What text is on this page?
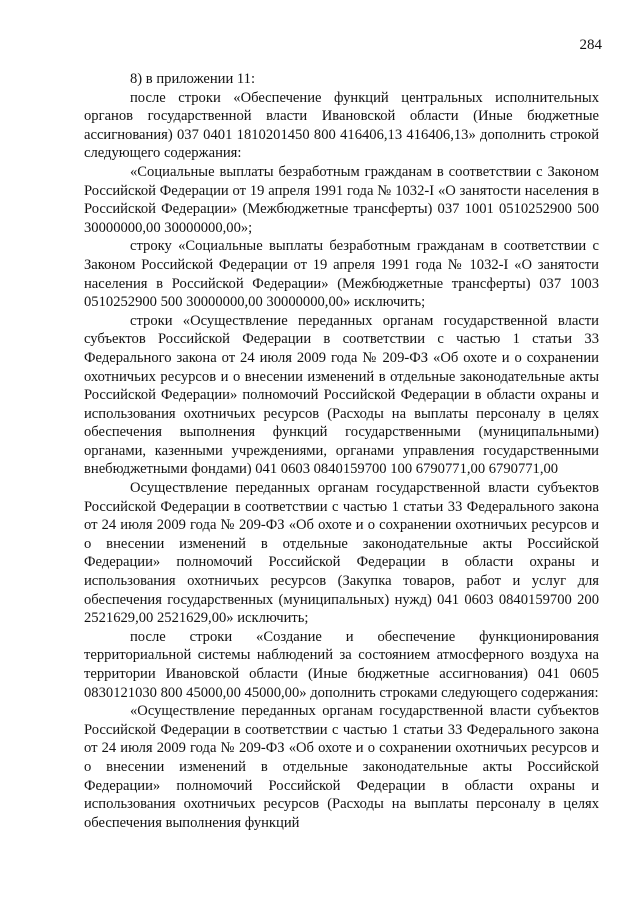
284

8) в приложении 11:

после строки «Обеспечение функций центральных исполнительных органов государственной власти Ивановской области (Иные бюджетные ассигнования) 037 0401 1810201450 800 416406,13 416406,13» дополнить строкой следующего содержания:

«Социальные выплаты безработным гражданам в соответствии с Законом Российской Федерации от 19 апреля 1991 года № 1032-I «О занятости населения в Российской Федерации» (Межбюджетные трансферты) 037 1001 0510252900 500 30000000,00 30000000,00»;

строку «Социальные выплаты безработным гражданам в соответствии с Законом Российской Федерации от 19 апреля 1991 года № 1032-I «О занятости населения в Российской Федерации» (Межбюджетные трансферты) 037 1003 0510252900 500 30000000,00 30000000,00» исключить;

строки «Осуществление переданных органам государственной власти субъектов Российской Федерации в соответствии с частью 1 статьи 33 Федерального закона от 24 июля 2009 года № 209-ФЗ «Об охоте и о сохранении охотничьих ресурсов и о внесении изменений в отдельные законодательные акты Российской Федерации» полномочий Российской Федерации в области охраны и использования охотничьих ресурсов (Расходы на выплаты персоналу в целях обеспечения выполнения функций государственными (муниципальными) органами, казенными учреждениями, органами управления государственными внебюджетными фондами) 041 0603 0840159700 100 6790771,00 6790771,00

Осуществление переданных органам государственной власти субъектов Российской Федерации в соответствии с частью 1 статьи 33 Федерального закона от 24 июля 2009 года № 209-ФЗ «Об охоте и о сохранении охотничьих ресурсов и о внесении изменений в отдельные законодательные акты Российской Федерации» полномочий Российской Федерации в области охраны и использования охотничьих ресурсов (Закупка товаров, работ и услуг для обеспечения государственных (муниципальных) нужд) 041 0603 0840159700 200 2521629,00 2521629,00» исключить;

после строки «Создание и обеспечение функционирования территориальной системы наблюдений за состоянием атмосферного воздуха на территории Ивановской области (Иные бюджетные ассигнования) 041 0605 0830121030 800 45000,00 45000,00» дополнить строками следующего содержания:

«Осуществление переданных органам государственной власти субъектов Российской Федерации в соответствии с частью 1 статьи 33 Федерального закона от 24 июля 2009 года № 209-ФЗ «Об охоте и о сохранении охотничьих ресурсов и о внесении изменений в отдельные законодательные акты Российской Федерации» полномочий Российской Федерации в области охраны и использования охотничьих ресурсов (Расходы на выплаты персоналу в целях обеспечения выполнения функций
